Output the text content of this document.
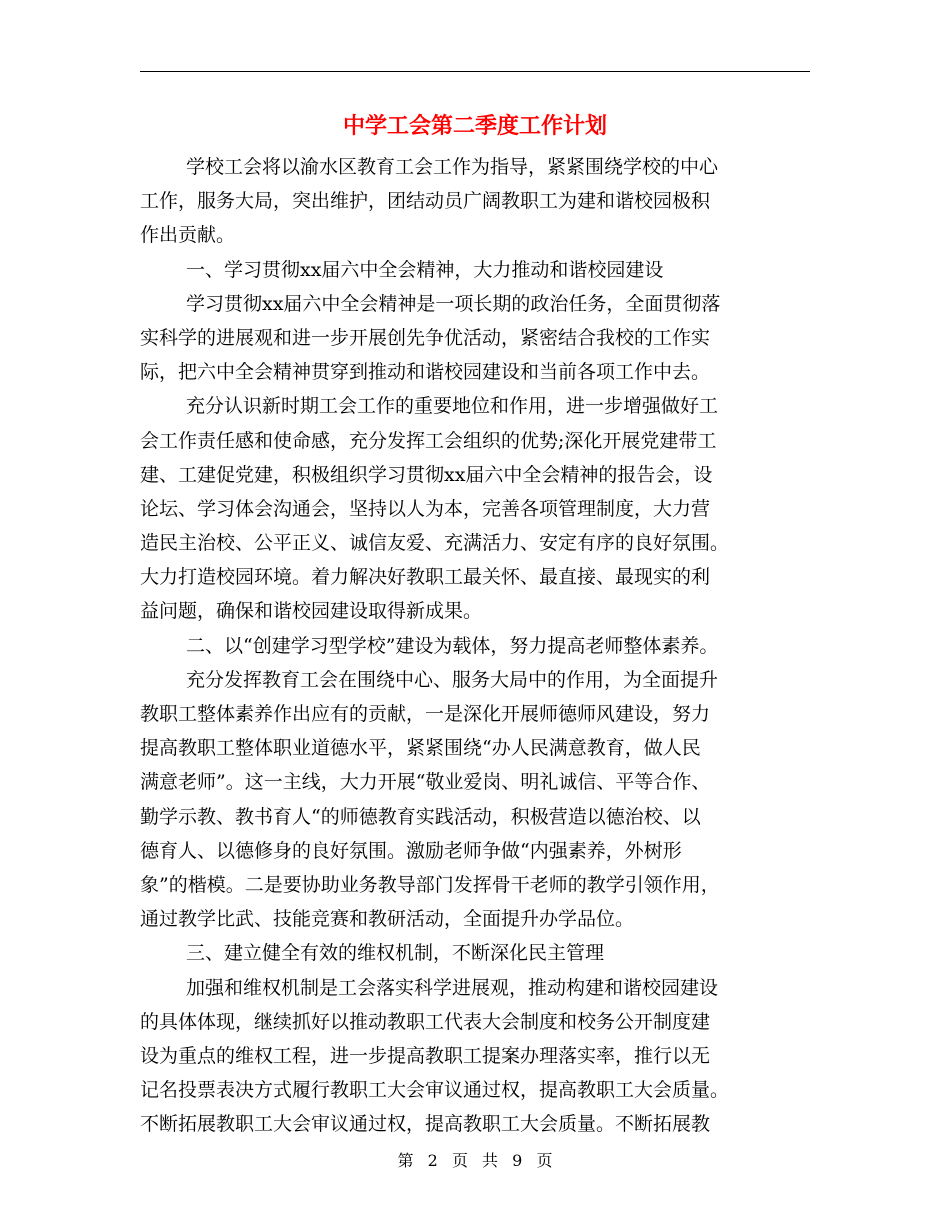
中学工会第二季度工作计划
学校工会将以渝水区教育工会工作为指导，紧紧围绕学校的中心
工作，服务大局，突出维护，团结动员广阔教职工为建和谐校园极积
作出贡献。
一、学习贯彻xx届六中全会精神，大力推动和谐校园建设
学习贯彻xx届六中全会精神是一项长期的政治任务，全面贯彻落
实科学的进展观和进一步开展创先争优活动，紧密结合我校的工作实
际，把六中全会精神贯穿到推动和谐校园建设和当前各项工作中去。
充分认识新时期工会工作的重要地位和作用，进一步增强做好工
会工作责任感和使命感，充分发挥工会组织的优势;深化开展党建带工
建、工建促党建，积极组织学习贯彻xx届六中全会精神的报告会，设
论坛、学习体会沟通会，坚持以人为本，完善各项管理制度，大力营
造民主治校、公平正义、诚信友爱、充满活力、安定有序的良好氛围。
大力打造校园环境。着力解决好教职工最关怀、最直接、最现实的利
益问题，确保和谐校园建设取得新成果。
二、以“创建学习型学校”建设为载体，努力提高老师整体素养。
充分发挥教育工会在围绕中心、服务大局中的作用，为全面提升
教职工整体素养作出应有的贡献，一是深化开展师德师风建设，努力
提高教职工整体职业道德水平，紧紧围绕“办人民满意教育，做人民
满意老师”。这一主线，大力开展“敬业爱岗、明礼诚信、平等合作、
勤学示教、教书育人“的师德教育实践活动，积极营造以德治校、以
德育人、以德修身的良好氛围。激励老师争做“内强素养，外树形
象”的楷模。二是要协助业务教导部门发挥骨干老师的教学引领作用，
通过教学比武、技能竞赛和教研活动，全面提升办学品位。
三、建立健全有效的维权机制，不断深化民主管理
加强和维权机制是工会落实科学进展观，推动构建和谐校园建设
的具体体现，继续抓好以推动教职工代表大会制度和校务公开制度建
设为重点的维权工程，进一步提高教职工提案办理落实率，推行以无
记名投票表决方式履行教职工大会审议通过权，提高教职工大会质量。
不断拓展教职工大会审议通过权，提高教职工大会质量。不断拓展教
第 2 页 共 9 页
